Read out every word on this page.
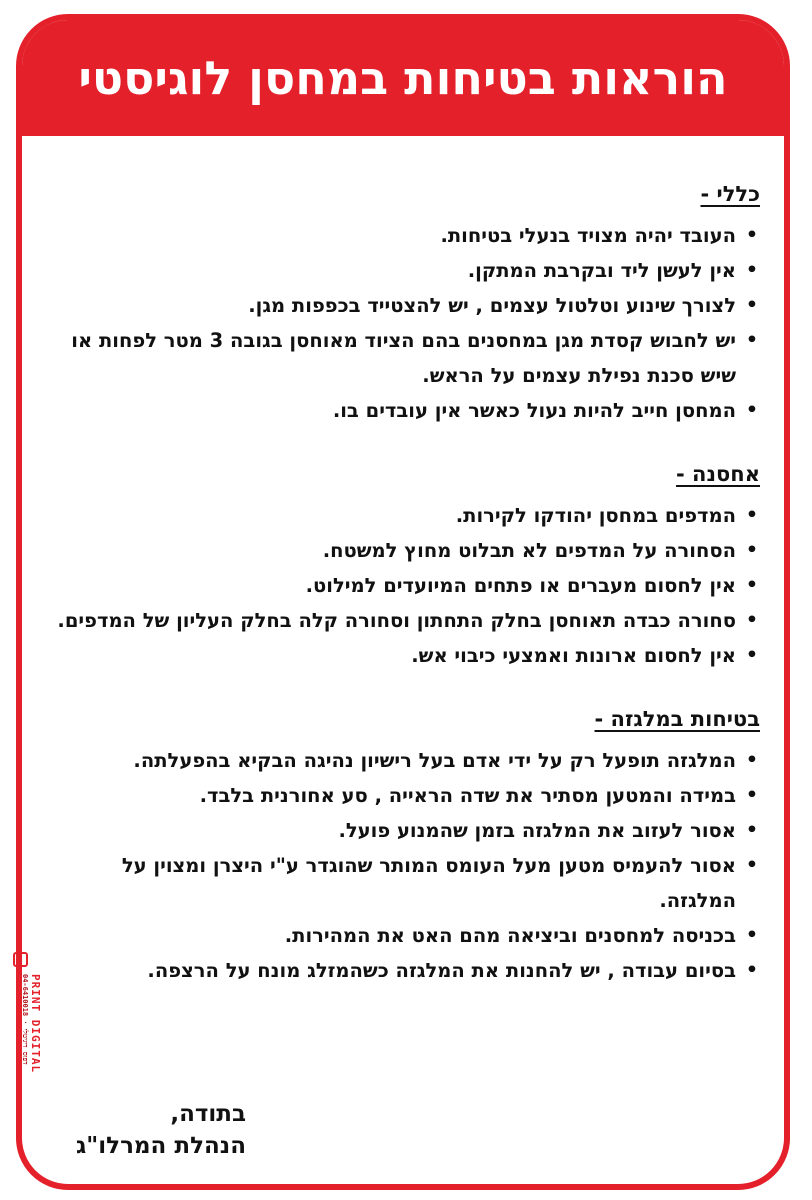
הוראות בטיחות במחסן לוגיסטי
כללי -
• העובד יהיה מצויד בנעלי בטיחות.
• אין לעשן ליד ובקרבת המתקן.
• לצורך שינוע וטלטול עצמים , יש להצטייד בכפפות מגן.
• יש לחבוש קסדת מגן במחסנים בהם הציוד מאוחסן בגובה 3 מטר לפחות או שיש סכנת נפילת עצמים על הראש.
• המחסן חייב להיות נעול כאשר אין עובדים בו.
אחסנה -
• המדפים במחסן יהודקו לקירות.
• הסחורה על המדפים לא תבלוט מחוץ למשטח.
• אין לחסום מעברים או פתחים המיועדים למילוט.
• סחורה כבדה תאוחסן בחלק התחתון וסחורה קלה בחלק העליון של המדפים.
• אין לחסום ארונות ואמצעי כיבוי אש.
בטיחות במלגזה -
• המלגזה תופעל רק על ידי אדם בעל רישיון נהיגה הבקיא בהפעלתה.
• במידה והמטען מסתיר את שדה הראייה , סע אחורנית בלבד.
• אסור לעזוב את המלגזה בזמן שהמנוע פועל.
• אסור להעמיס מטען מעל העומס המותר שהוגדר ע"י היצרן ומצוין על המלגזה.
• בכניסה למחסנים וביציאה מהם האט את המהירות.
• בסיום עבודה , יש להחנות את המלגזה כשהמזלג מונח על הרצפה.
בתודה,
הנהלת המרלו"ג
PRINT DIGITAL
04-6410018 · דפוס דיגיטלי
